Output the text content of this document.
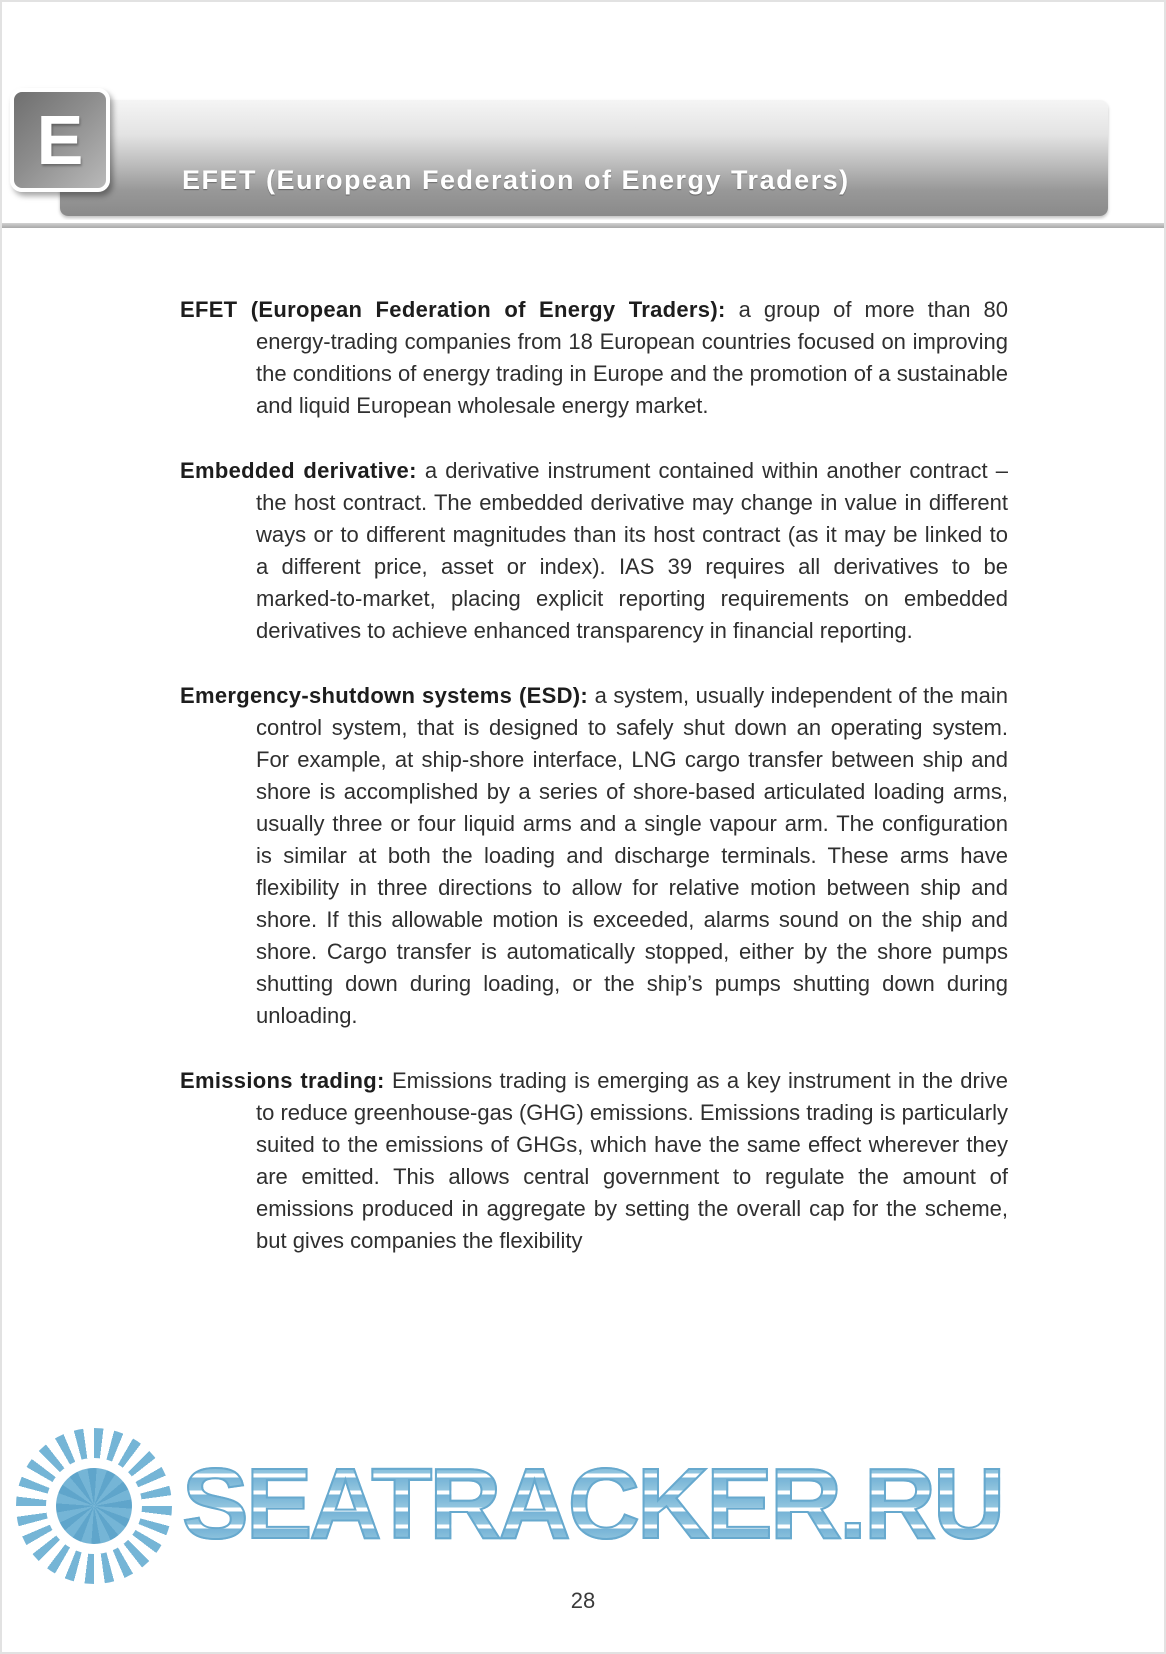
EFET (European Federation of Energy Traders)
E

EFET (European Federation of Energy Traders): a group of more than 80 energy-trading companies from 18 European countries focused on improving the conditions of energy trading in Europe and the promotion of a sustainable and liquid European wholesale energy market.

Embedded derivative: a derivative instrument contained within another contract – the host contract. The embedded derivative may change in value in different ways or to different magnitudes than its host contract (as it may be linked to a different price, asset or index). IAS 39 requires all derivatives to be marked-to-market, placing explicit reporting requirements on embedded derivatives to achieve enhanced transparency in financial reporting.

Emergency-shutdown systems (ESD): a system, usually independent of the main control system, that is designed to safely shut down an operating system. For example, at ship-shore interface, LNG cargo transfer between ship and shore is accomplished by a series of shore-based articulated loading arms, usually three or four liquid arms and a single vapour arm. The configuration is similar at both the loading and discharge terminals. These arms have flexibility in three directions to allow for relative motion between ship and shore. If this allowable motion is exceeded, alarms sound on the ship and shore. Cargo transfer is automatically stopped, either by the shore pumps shutting down during loading, or the ship’s pumps shutting down during unloading.

Emissions trading: Emissions trading is emerging as a key instrument in the drive to reduce greenhouse-gas (GHG) emissions. Emissions trading is particularly suited to the emissions of GHGs, which have the same effect wherever they are emitted. This allows central government to regulate the amount of emissions produced in aggregate by setting the overall cap for the scheme, but gives companies the flexibility

SEATRACKER.RU
28
